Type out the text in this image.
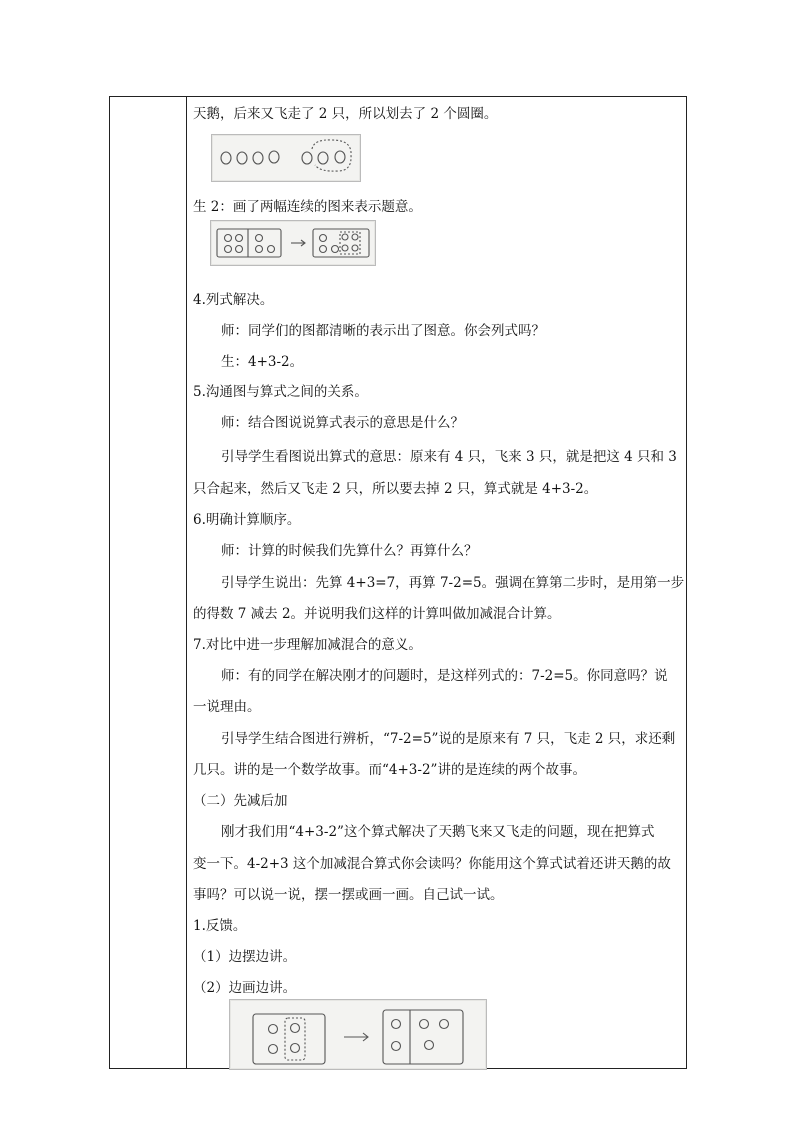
天鹅，后来又飞走了 2 只，所以划去了 2 个圆圈。
生 2：画了两幅连续的图来表示题意。
4.列式解决。
师：同学们的图都清晰的表示出了图意。你会列式吗？
生：4+3-2。
5.沟通图与算式之间的关系。
师：结合图说说算式表示的意思是什么？
引导学生看图说出算式的意思：原来有 4 只，飞来 3 只，就是把这 4 只和 3
只合起来，然后又飞走 2 只，所以要去掉 2 只，算式就是 4+3-2。
6.明确计算顺序。
师：计算的时候我们先算什么？再算什么？
引导学生说出：先算 4+3=7，再算 7-2=5。强调在算第二步时，是用第一步
的得数 7 减去 2。并说明我们这样的计算叫做加减混合计算。
7.对比中进一步理解加减混合的意义。
师：有的同学在解决刚才的问题时，是这样列式的：7-2=5。你同意吗？说
一说理由。
引导学生结合图进行辨析，“7-2=5”说的是原来有 7 只，飞走 2 只，求还剩
几只。讲的是一个数学故事。而“4+3-2”讲的是连续的两个故事。
（二）先减后加
刚才我们用“4+3-2”这个算式解决了天鹅飞来又飞走的问题，现在把算式
变一下。4-2+3 这个加减混合算式你会读吗？你能用这个算式试着还讲天鹅的故
事吗？可以说一说，摆一摆或画一画。自己试一试。
1.反馈。
（1）边摆边讲。
（2）边画边讲。
